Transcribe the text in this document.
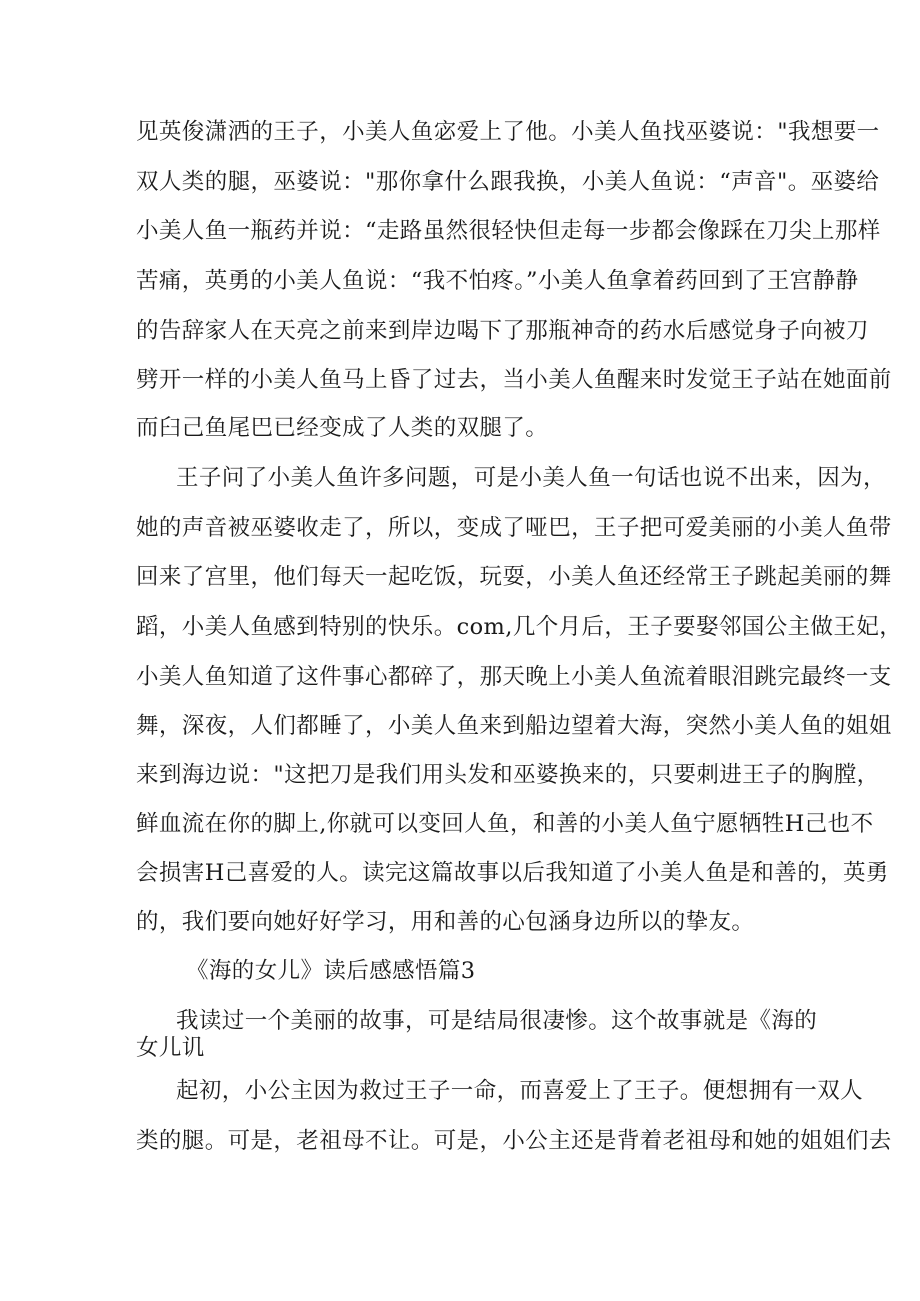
见英俊潇洒的王子，小美人鱼宓爱上了他。小美人鱼找巫婆说："我想要一

双人类的腿，巫婆说："那你拿什么跟我换，小美人鱼说：“声音"。巫婆给

小美人鱼一瓶药并说：“走路虽然很轻快但走每一步都会像踩在刀尖上那样

苦痛，英勇的小美人鱼说：“我不怕疼。”小美人鱼拿着药回到了王宫静静

的告辞家人在天亮之前来到岸边喝下了那瓶神奇的药水后感觉身子向被刀

劈开一样的小美人鱼马上昏了过去，当小美人鱼醒来时发觉王子站在她面前

而臼己鱼尾巴已经变成了人类的双腿了。

王子问了小美人鱼许多问题，可是小美人鱼一句话也说不出来，因为，

她的声音被巫婆收走了，所以，变成了哑巴，王子把可爱美丽的小美人鱼带

回来了宫里，他们每天一起吃饭，玩耍，小美人鱼还经常王子跳起美丽的舞

蹈，小美人鱼感到特别的快乐。com,几个月后，王子要娶邻国公主做王妃，

小美人鱼知道了这件事心都碎了，那天晚上小美人鱼流着眼泪跳完最终一支

舞，深夜，人们都睡了，小美人鱼来到船边望着大海，突然小美人鱼的姐姐

来到海边说："这把刀是我们用头发和巫婆换来的，只要刺进王子的胸膛，

鲜血流在你的脚上,你就可以变回人鱼，和善的小美人鱼宁愿牺牲H己也不

会损害H己喜爱的人。读完这篇故事以后我知道了小美人鱼是和善的，英勇

的，我们要向她好好学习，用和善的心包涵身边所以的挚友。

《海的女儿》读后感感悟篇3

我读过一个美丽的故事，可是结局很凄惨。这个故事就是《海的

女儿讥

起初，小公主因为救过王子一命，而喜爱上了王子。便想拥有一双人

类的腿。可是，老祖母不让。可是，小公主还是背着老祖母和她的姐姐们去
